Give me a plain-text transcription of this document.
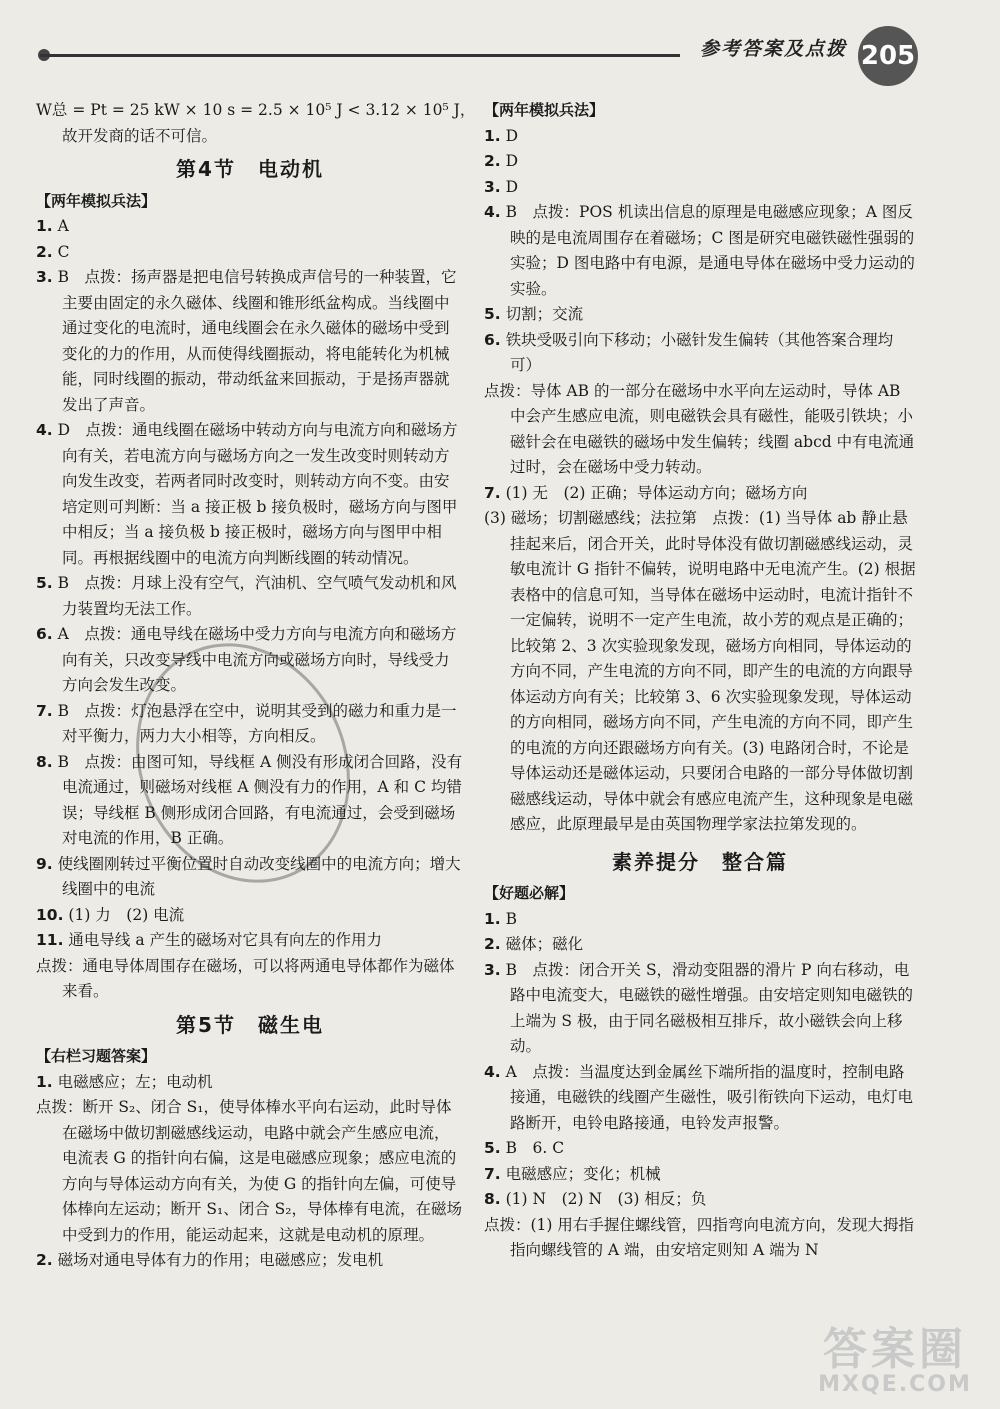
参考答案及点拨 205
W总 = Pt = 25 kW × 10 s = 2.5 × 10⁵ J < 3.12 × 10⁵ J，
故开发商的话不可信。
第4节　电动机
【两年模拟兵法】
1. A
2. C
3. B　点拨：扬声器是把电信号转换成声信号的一种装置，它主要由固定的永久磁体、线圈和锥形纸盆构成。当线圈中通过变化的电流时，通电线圈会在永久磁体的磁场中受到变化的力的作用，从而使得线圈振动，将电能转化为机械能，同时线圈的振动，带动纸盆来回振动，于是扬声器就发出了声音。
4. D　点拨：通电线圈在磁场中转动方向与电流方向和磁场方向有关，若电流方向与磁场方向之一发生改变时则转动方向发生改变，若两者同时改变时，则转动方向不变。由安培定则可判断：当 a 接正极 b 接负极时，磁场方向与图甲中相反；当 a 接负极 b 接正极时，磁场方向与图甲中相同。再根据线圈中的电流方向判断线圈的转动情况。
5. B　点拨：月球上没有空气，汽油机、空气喷气发动机和风力装置均无法工作。
6. A　点拨：通电导线在磁场中受力方向与电流方向和磁场方向有关，只改变导线中电流方向或磁场方向时，导线受力方向会发生改变。
7. B　点拨：灯泡悬浮在空中，说明其受到的磁力和重力是一对平衡力，两力大小相等，方向相反。
8. B　点拨：由图可知，导线框 A 侧没有形成闭合回路，没有电流通过，则磁场对线框 A 侧没有力的作用，A 和 C 均错误；导线框 B 侧形成闭合回路，有电流通过，会受到磁场对电流的作用，B 正确。
9. 使线圈刚转过平衡位置时自动改变线圈中的电流方向；增大线圈中的电流
10. (1) 力　(2) 电流
11. 通电导线 a 产生的磁场对它具有向左的作用力
点拨：通电导体周围存在磁场，可以将两通电导体都作为磁体来看。
第5节　磁生电
【右栏习题答案】
1. 电磁感应；左；电动机
点拨：断开 S₂、闭合 S₁，使导体棒水平向右运动，此时导体在磁场中做切割磁感线运动，电路中就会产生感应电流，电流表 G 的指针向右偏，这是电磁感应现象；感应电流的方向与导体运动方向有关，为使 G 的指针向左偏，可使导体棒向左运动；断开 S₁、闭合 S₂，导体棒有电流，在磁场中受到力的作用，能运动起来，这就是电动机的原理。
2. 磁场对通电导体有力的作用；电磁感应；发电机
【两年模拟兵法】
1. D
2. D
3. D
4. B　点拨：POS 机读出信息的原理是电磁感应现象；A 图反映的是电流周围存在着磁场；C 图是研究电磁铁磁性强弱的实验；D 图电路中有电源，是通电导体在磁场中受力运动的实验。
5. 切割；交流
6. 铁块受吸引向下移动；小磁针发生偏转（其他答案合理均可）
点拨：导体 AB 的一部分在磁场中水平向左运动时，导体 AB 中会产生感应电流，则电磁铁会具有磁性，能吸引铁块；小磁针会在电磁铁的磁场中发生偏转；线圈 abcd 中有电流通过时，会在磁场中受力转动。
7. (1) 无　(2) 正确；导体运动方向；磁场方向
(3) 磁场；切割磁感线；法拉第　点拨：(1) 当导体 ab 静止悬挂起来后，闭合开关，此时导体没有做切割磁感线运动，灵敏电流计 G 指针不偏转，说明电路中无电流产生。(2) 根据表格中的信息可知，当导体在磁场中运动时，电流计指针不一定偏转，说明不一定产生电流，故小芳的观点是正确的；比较第 2、3 次实验现象发现，磁场方向相同，导体运动的方向不同，产生电流的方向不同，即产生的电流的方向跟导体运动方向有关；比较第 3、6 次实验现象发现，导体运动的方向相同，磁场方向不同，产生电流的方向不同，即产生的电流的方向还跟磁场方向有关。(3) 电路闭合时，不论是导体运动还是磁体运动，只要闭合电路的一部分导体做切割磁感线运动，导体中就会有感应电流产生，这种现象是电磁感应，此原理最早是由英国物理学家法拉第发现的。
素养提分　整合篇
【好题必解】
1. B
2. 磁体；磁化
3. B　点拨：闭合开关 S，滑动变阻器的滑片 P 向右移动，电路中电流变大，电磁铁的磁性增强。由安培定则知电磁铁的上端为 S 极，由于同名磁极相互排斥，故小磁铁会向上移动。
4. A　点拨：当温度达到金属丝下端所指的温度时，控制电路接通，电磁铁的线圈产生磁性，吸引衔铁向下运动，电灯电路断开，电铃电路接通，电铃发声报警。
5. B　6. C
7. 电磁感应；变化；机械
8. (1) N　(2) N　(3) 相反；负
点拨：(1) 用右手握住螺线管，四指弯向电流方向，发现大拇指指向螺线管的 A 端，由安培定则知 A 端为 N
答案圈
MXQE.COM
